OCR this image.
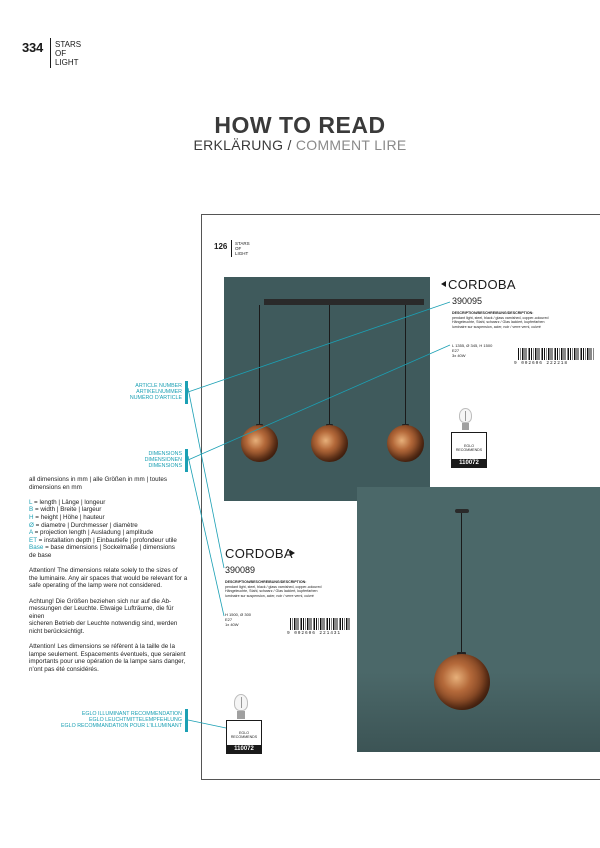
334 STARS
OF
LIGHT
HOW TO READ
ERKLÄRUNG / COMMENT LIRE
126 STARS
OF
LIGHT
CORDOBA
390095
DESCRIPTION/BESCHREIBUNG/DESCRIPTION:
pendant light, steel, black / glass varnished, copper-coloured
Hängeleuchte, Stahl, schwarz / Glas lackiert, kupferfarben
luminaire sur suspension, acier, noir / verre verni, cuivré
L 1355, Ø 345, H 1500
E27
3x 40W
9 002606 222218
EGLO
RECOMMENDS
110072
CORDOBA
390089
DESCRIPTION/BESCHREIBUNG/DESCRIPTION:
pendant light, steel, black / glass varnished, copper-coloured
Hängeleuchte, Stahl, schwarz / Glas lackiert, kupferfarben
luminaire sur suspension, acier, noir / verre verni, cuivré
H 1500, Ø 300
E27
1x 40W
9 002606 221431
EGLO
RECOMMENDS
110072
ARTICLE NUMBER
ARTIKELNUMMER
NUMÉRO D'ARTICLE
DIMENSIONS
DIMENSIONEN
DIMENSIONS
EGLO ILLUMINANT RECOMMENDATION
EGLO LEUCHTMITTELEMPFEHLUNG
EGLO RECOMMANDATION POUR L'ILLUMINANT

all dimensions in mm | alle Größen in mm | toutes
dimensions en mm

L = length | Länge | longeur
B = width | Breite | largeur
H = height | Höhe | hauteur
Ø = diametre | Durchmesser | diamètre
A = projection length | Ausladung | amplitude
ET = installation depth | Einbautiefe | profondeur utile
Base = base dimensions | Sockelmaße | dimensions
de base

Attention! The dimensions relate solely to the sizes of
the luminaire. Any air spaces that would be relevant for a
safe operating of the lamp were not considered.

Achtung! Die Größen beziehen sich nur auf die Ab-
messungen der Leuchte. Etwaige Lufträume, die für einen
sicheren Betrieb der Leuchte notwendig sind, werden
nicht berücksichtigt.

Attention! Les dimensions se réfèrent à la taille de la
lampe seulement. Espacements éventuels, que seraient
importants pour une opération de la lampe sans danger,
n'ont pas été considérés.
